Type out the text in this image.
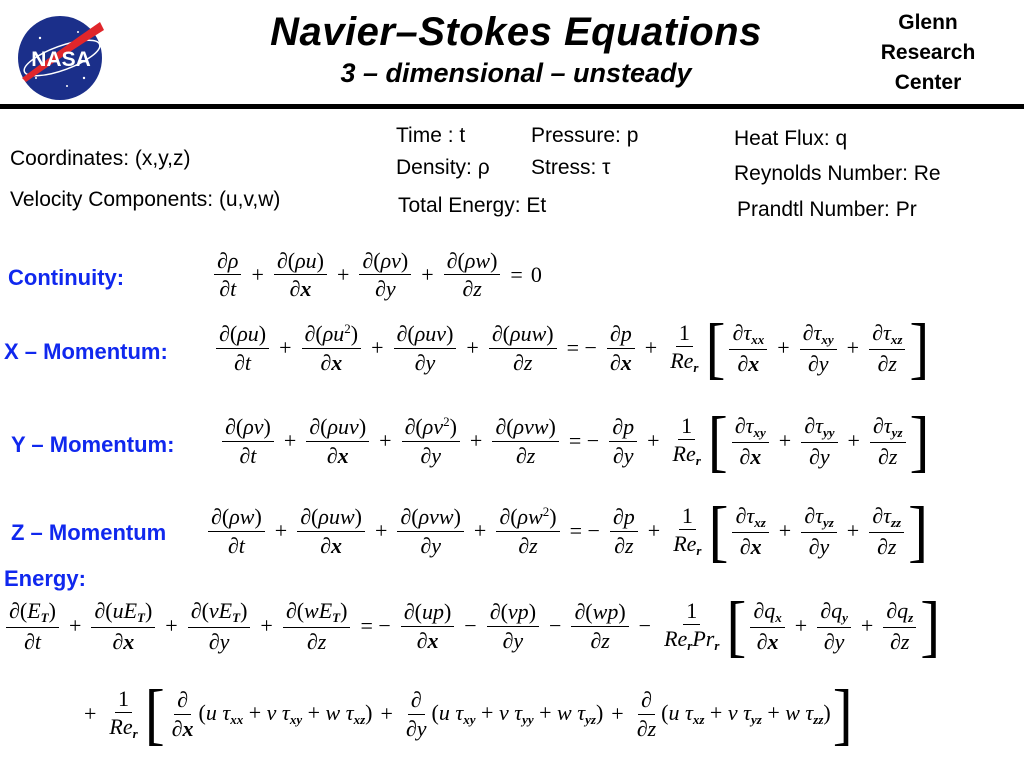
NASA
Navier–Stokes Equations
3 – dimensional – unsteady
Glenn
Research
Center
Coordinates: (x,y,z)
Velocity Components: (u,v,w)
Time : t
Density: ρ
Total Energy: Et
Pressure: p
Stress: τ
Heat Flux: q
Reynolds Number: Re
Prandtl Number: Pr
Continuity:
X – Momentum:
Y – Momentum:
Z – Momentum
Energy:
$\frac{\partial\rho}{\partial t} + \frac{\partial(\rho u)}{\partial x} + \frac{\partial(\rho v)}{\partial y} + \frac{\partial(\rho w)}{\partial z} = 0$
$\frac{\partial(\rho u)}{\partial t} + \frac{\partial(\rho u^2)}{\partial x} + \frac{\text{∂(ρuv)}}{\partial y} + \frac{\text{∂(ρuw)}}{\partial z}$ = − $\frac{\partial p}{\partial x} + \frac{1}{Re_r}$ [ $\frac{\partial\tau_{xx}}{\partial x} + \frac{\partial\tau_{xy}}{\partial y} + \frac{\partial\tau_{xz}}{\partial z}$ ]
$\frac{\partial(\rho v)}{\partial t} + \frac{\text{∂(ρuv)}}{\partial x} + \frac{\partial(\rho v^2)}{\partial y} + \frac{\text{∂(ρvw)}}{\partial z}$ = − $\frac{\partial p}{\partial y} + \frac{1}{Re_r}$ [ $\frac{\partial\tau_{xy}}{\partial x} + \frac{\partial\tau_{yy}}{\partial y} + \frac{\partial\tau_{yz}}{\partial z}$ ]
$\frac{\partial(\rho w)}{\partial t} + \frac{\text{∂(ρuw)}}{\partial x} + \frac{\text{∂(ρvw)}}{\partial y} + \frac{\partial(\rho w^2)}{\partial z}$ = − $\frac{\partial p}{\partial z} + \frac{1}{Re_r}$ [ $\frac{\partial\tau_{xz}}{\partial x} + \frac{\partial\tau_{yz}}{\partial y} + \frac{\partial\tau_{zz}}{\partial z}$ ]
$\frac{\partial(E_T)}{\partial t} + \frac{\partial(uE_T)}{\partial x} + \frac{\partial(vE_T)}{\partial y} + \frac{\partial(wE_T)}{\partial z}$ = − $\frac{\partial(up)}{\partial x} - \frac{\partial(vp)}{\partial y} - \frac{\partial(wp)}{\partial z} - \frac{1}{Re_rPr_r}$ [ $\frac{\partial q_x}{\partial x} + \frac{\partial q_y}{\partial y} + \frac{\partial q_z}{\partial z}$ ]
+ $\frac{1}{Re_r}$ [ $\frac{\partial}{\partial x} (u$ $\tau_{xx} + v$ $\tau_{xy} + w$ $\tau_{xz}) + \frac{\partial}{\partial y} (u$ $\tau_{xy} + v$ $\tau_{yy} + w$ $\tau_{yz}) + \frac{\partial}{\partial z} (u$ $\tau_{xz} + v$ $\tau_{yz} + w$ $\tau_{zz}$) ]
